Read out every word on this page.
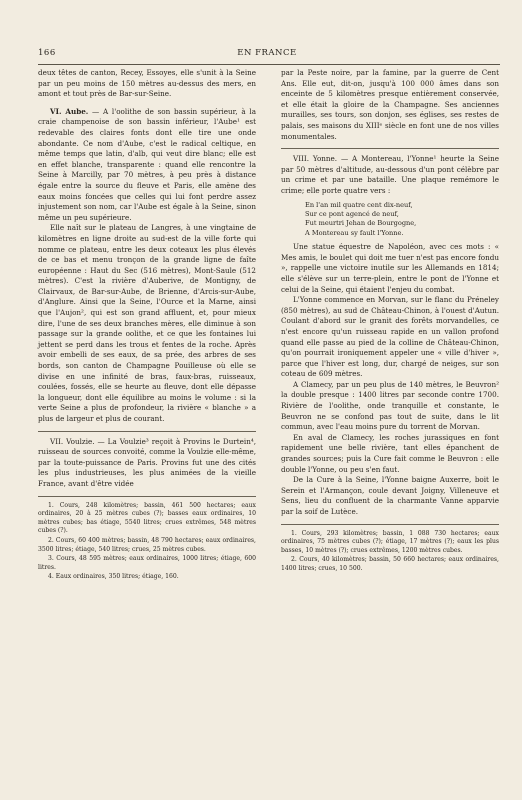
166	EN FRANCE

deux têtes de canton, Recey, Essoyes, elle s'unit à la Seine par un peu moins de 150 mètres au-dessus des mers, en amont et tout près de Bar-sur-Seine.

VI. Aube. — A l'oolithe de son bassin supérieur, à la craie champenoise de son bassin inférieur, l'Aube¹ est redevable des claires fonts dont elle tire une onde abondante. Ce nom d'Aube, c'est le radical celtique, en même temps que latin, d'alb, qui veut dire blanc; elle est en effet blanche, transparente : quand elle rencontre la Seine à Marcilly, par 70 mètres, à peu près à distance égale entre la source du fleuve et Paris, elle amène des eaux moins foncées que celles qui lui font perdre assez injustement son nom, car l'Aube est égale à la Seine, sinon même un peu supérieure.

Elle naît sur le plateau de Langres, à une vingtaine de kilomètres en ligne droite au sud-est de la ville forte qui nomme ce plateau, entre les deux coteaux les plus élevés de ce bas et menu tronçon de la grande ligne de faîte européenne : Haut du Sec (516 mètres), Mont-Saule (512 mètres). C'est la rivière d'Auberive, de Montigny, de Clairvaux, de Bar-sur-Aube, de Brienne, d'Arcis-sur-Aube, d'Anglure. Ainsi que la Seine, l'Ource et la Marne, ainsi que l'Aujon², qui est son grand affluent, et, pour mieux dire, l'une de ses deux branches mères, elle diminue à son passage sur la grande oolithe, et ce que les fontaines lui jettent se perd dans les trous et fentes de la roche. Après avoir embelli de ses eaux, de sa prée, des arbres de ses bords, son canton de Champagne Pouilleuse où elle se divise en une infinité de bras, faux-bras, ruisseaux, coulées, fossés, elle se heurte au fleuve, dont elle dépasse la longueur, dont elle équilibre au moins le volume : si la verte Seine a plus de profondeur, la rivière « blanche » a plus de largeur et plus de courant.

VII. Voulzie. — La Voulzie³ reçoit à Provins le Durtein⁴, ruisseau de sources convoité, comme la Voulzie elle-même, par la toute-puissance de Paris. Provins fut une des cités les plus industrieuses, les plus animées de la vieille France, avant d'être vidée

1. Cours, 248 kilomètres; bassin, 461 500 hectares; eaux ordinaires, 20 à 25 mètres cubes (?); basses eaux ordinaires, 10 mètres cubes; bas étiage, 5540 litres; crues extrêmes, 548 mètres cubes (?).

2. Cours, 60 400 mètres; bassin, 48 790 hectares; eaux ordinaires, 3500 litres; étiage, 540 litres; crues, 25 mètres cubes.

3. Cours, 48 595 mètres; eaux ordinaires, 1000 litres; étiage, 600 litres.

4. Eaux ordinaires, 350 litres; étiage, 160.

par la Peste noire, par la famine, par la guerre de Cent Ans. Elle eut, dit-on, jusqu'à 100 000 âmes dans son enceinte de 5 kilomètres presque entièrement conservée, et elle était la gloire de la Champagne. Ses anciennes murailles, ses tours, son donjon, ses églises, ses restes de palais, ses maisons du XIIIᵉ siècle en font une de nos villes monumentales.

VIII. Yonne. — A Montereau, l'Yonne¹ heurte la Seine par 50 mètres d'altitude, au-dessous d'un pont célèbre par un crime et par une bataille. Une plaque remémore le crime; elle porte quatre vers :

En l'an mil quatre cent dix-neuf,
Sur ce pont agencé de neuf,
Fut meurtri Jehan de Bourgogne,
A Montereau sy fault l'Yonne.

Une statue équestre de Napoléon, avec ces mots : « Mes amis, le boulet qui doit me tuer n'est pas encore fondu », rappelle une victoire inutile sur les Allemands en 1814; elle s'élève sur un terre-plein, entre le pont de l'Yonne et celui de la Seine, qui étaient l'enjeu du combat.

L'Yonne commence en Morvan, sur le flanc du Préneley (850 mètres), au sud de Château-Chinon, à l'ouest d'Autun. Coulant d'abord sur le granit des forêts morvandelles, ce n'est encore qu'un ruisseau rapide en un vallon profond quand elle passe au pied de la colline de Château-Chinon, qu'on pourrait ironiquement appeler une « ville d'hiver », parce que l'hiver est long, dur, chargé de neiges, sur son coteau de 609 mètres.

A Clamecy, par un peu plus de 140 mètres, le Beuvron² la double presque : 1400 litres par seconde contre 1700. Rivière de l'oolithe, onde tranquille et constante, le Beuvron ne se confond pas tout de suite, dans le lit commun, avec l'eau moins pure du torrent de Morvan.

En aval de Clamecy, les roches jurassiques en font rapidement une belle rivière, tant elles épanchent de grandes sources; puis la Cure fait comme le Beuvron : elle double l'Yonne, ou peu s'en faut.

De la Cure à la Seine, l'Yonne baigne Auxerre, boit le Serein et l'Armançon, coule devant Joigny, Villeneuve et Sens, lieu du confluent de la charmante Vanne apparvie par la soif de Lutèce.

1. Cours, 293 kilomètres; bassin, 1 088 730 hectares; eaux ordinaires, 75 mètres cubes (?); étiage, 17 mètres (?); eaux les plus basses, 10 mètres (?); crues extrêmes, 1200 mètres cubes.

2. Cours, 40 kilomètres; bassin, 50 660 hectares; eaux ordinaires, 1400 litres; crues, 10 500.
